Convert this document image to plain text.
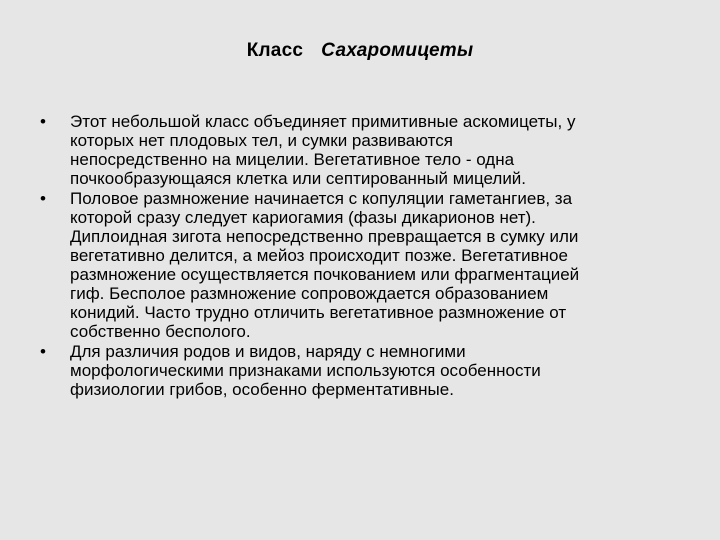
Класс Сахаромицеты
•	Этот небольшой класс объединяет примитивные аскомицеты, у
которых нет плодовых тел, и сумки развиваются
непосредственно на мицелии. Вегетативное тело - одна
почкообразующаяся клетка или септированный мицелий.
•	Половое размножение начинается с копуляции гаметангиев, за
которой сразу следует кариогамия (фазы дикарионов нет).
Диплоидная зигота непосредственно превращается в сумку или
вегетативно делится, а мейоз происходит позже. Вегетативное
размножение осуществляется почкованием или фрагментацией
гиф. Бесполое размножение сопровождается образованием
конидий. Часто трудно отличить вегетативное размножение от
собственно бесполого.
•	Для различия родов и видов, наряду с немногими
морфологическими признаками используются особенности
физиологии грибов, особенно ферментативные.
